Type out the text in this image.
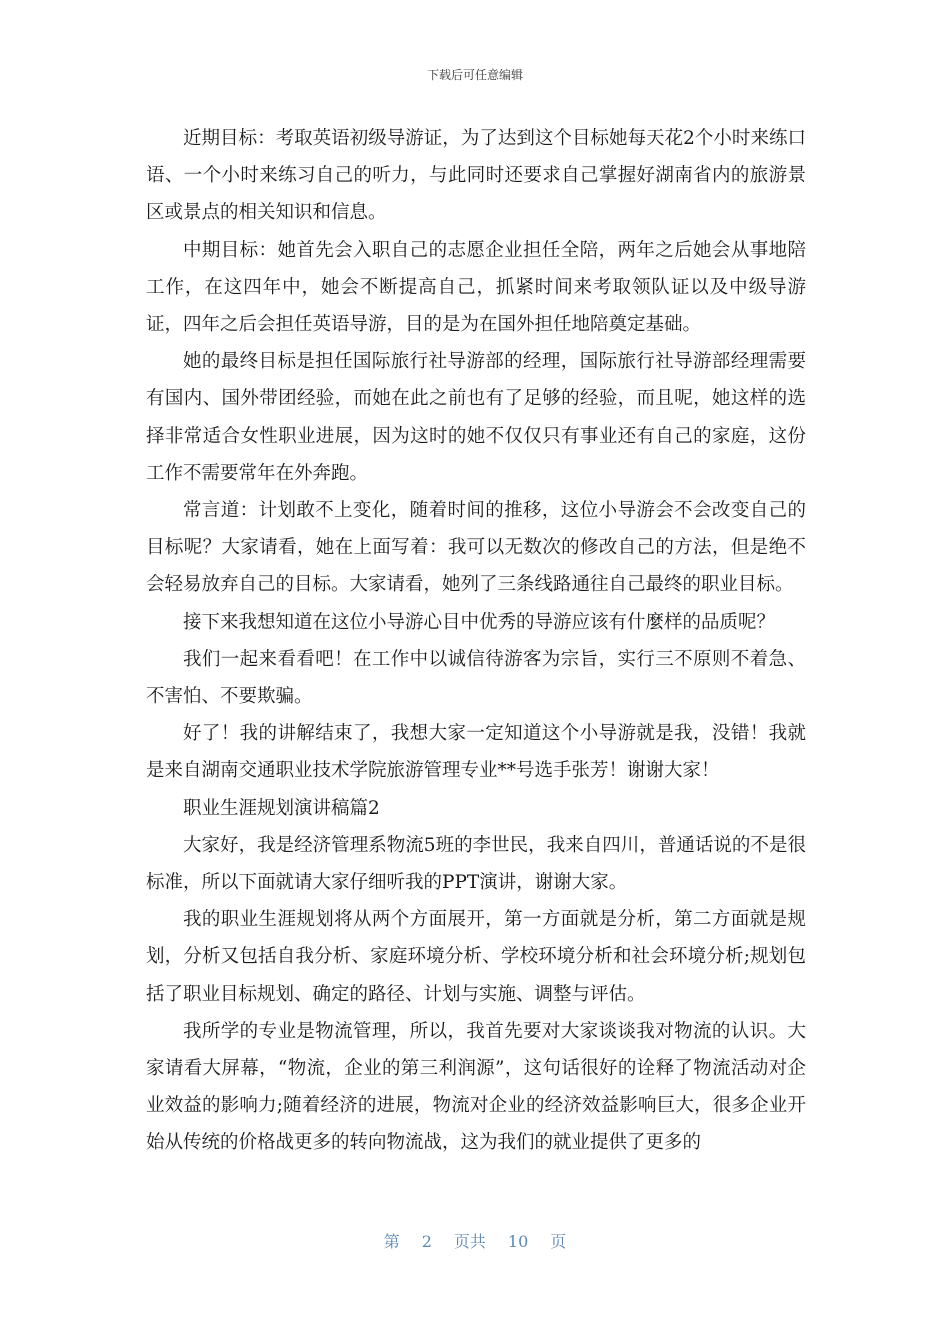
下载后可任意编辑

近期目标：考取英语初级导游证，为了达到这个目标她每天花2个小时来练口语、一个小时来练习自己的听力，与此同时还要求自己掌握好湖南省内的旅游景区或景点的相关知识和信息。

中期目标：她首先会入职自己的志愿企业担任全陪，两年之后她会从事地陪工作，在这四年中，她会不断提高自己，抓紧时间来考取领队证以及中级导游证，四年之后会担任英语导游，目的是为在国外担任地陪奠定基础。

她的最终目标是担任国际旅行社导游部的经理，国际旅行社导游部经理需要有国内、国外带团经验，而她在此之前也有了足够的经验，而且呢，她这样的选择非常适合女性职业进展，因为这时的她不仅仅只有事业还有自己的家庭，这份工作不需要常年在外奔跑。

常言道：计划敢不上变化，随着时间的推移，这位小导游会不会改变自己的目标呢？大家请看，她在上面写着：我可以无数次的修改自己的方法，但是绝不会轻易放弃自己的目标。大家请看，她列了三条线路通往自己最终的职业目标。

接下来我想知道在这位小导游心目中优秀的导游应该有什麼样的品质呢？

我们一起来看看吧！在工作中以诚信待游客为宗旨，实行三不原则不着急、不害怕、不要欺骗。

好了！我的讲解结束了，我想大家一定知道这个小导游就是我，没错！我就是来自湖南交通职业技术学院旅游管理专业**号选手张芳！谢谢大家！

职业生涯规划演讲稿篇2

大家好，我是经济管理系物流5班的李世民，我来自四川，普通话说的不是很标准，所以下面就请大家仔细听我的PPT演讲，谢谢大家。

我的职业生涯规划将从两个方面展开，第一方面就是分析，第二方面就是规划，分析又包括自我分析、家庭环境分析、学校环境分析和社会环境分析;规划包括了职业目标规划、确定的路径、计划与实施、调整与评估。

我所学的专业是物流管理，所以，我首先要对大家谈谈我对物流的认识。大家请看大屏幕，“物流，企业的第三利润源”，这句话很好的诠释了物流活动对企业效益的影响力;随着经济的进展，物流对企业的经济效益影响巨大，很多企业开始从传统的价格战更多的转向物流战，这为我们的就业提供了更多的

第 2 页共 10 页
